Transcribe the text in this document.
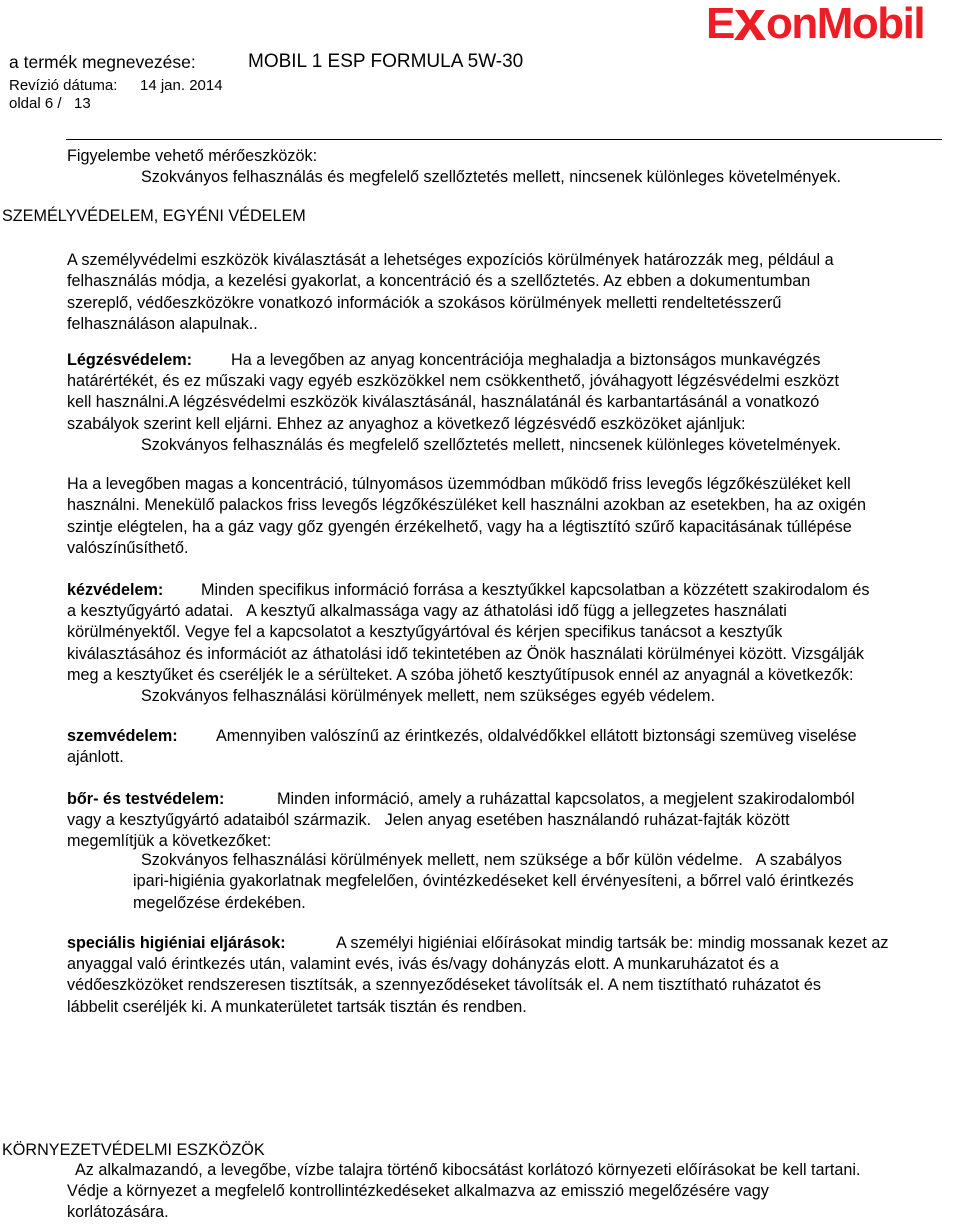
a termék megnevezése:	MOBIL 1 ESP FORMULA 5W-30
Revízió dátuma: 14 jan. 2014
oldal 6 /   13
E onMobil
Figyelembe vehető mérőeszközök:
Szokványos felhasználás és megfelelő szellőztetés mellett, nincsenek különleges követelmények.
SZEMÉLYVÉDELEM, EGYÉNI VÉDELEM
A személyvédelmi eszközök kiválasztását a lehetséges expozíciós körülmények határozzák meg, például a
felhasználás módja, a kezelési gyakorlat, a koncentráció és a szellőztetés. Az ebben a dokumentumban
szereplő, védőeszközökre vonatkozó információk a szokásos körülmények melletti rendeltetésszerű
felhasználáson alapulnak..
Légzésvédelem: Ha a levegőben az anyag koncentrációja meghaladja a biztonságos munkavégzés
határértékét, és ez műszaki vagy egyéb eszközökkel nem csökkenthető, jóváhagyott légzésvédelmi eszközt
kell használni.A légzésvédelmi eszközök kiválasztásánál, használatánál és karbantartásánál a vonatkozó
szabályok szerint kell eljárni. Ehhez az anyaghoz a következő légzésvédő eszközöket ajánljuk:
Szokványos felhasználás és megfelelő szellőztetés mellett, nincsenek különleges követelmények.
Ha a levegőben magas a koncentráció, túlnyomásos üzemmódban működő friss levegős légzőkészüléket kell
használni. Menekülő palackos friss levegős légzőkészüléket kell használni azokban az esetekben, ha az oxigén
szintje elégtelen, ha a gáz vagy gőz gyengén érzékelhető, vagy ha a légtisztító szűrő kapacitásának túllépése
valószínűsíthető.
kézvédelem: Minden specifikus információ forrása a kesztyűkkel kapcsolatban a közzétett szakirodalom és
a kesztyűgyártó adatai.   A kesztyű alkalmassága vagy az áthatolási idő függ a jellegzetes használati
körülményektől. Vegye fel a kapcsolatot a kesztyűgyártóval és kérjen specifikus tanácsot a kesztyűk
kiválasztásához és információt az áthatolási idő tekintetében az Önök használati körülményei között. Vizsgálják
meg a kesztyűket és cseréljék le a sérülteket. A szóba jöhető kesztyűtípusok ennél az anyagnál a következők:
Szokványos felhasználási körülmények mellett, nem szükséges egyéb védelem.
szemvédelem: Amennyiben valószínű az érintkezés, oldalvédőkkel ellátott biztonsági szemüveg viselése
ajánlott.
bőr- és testvédelem:	Minden információ, amely a ruházattal kapcsolatos, a megjelent szakirodalomból
vagy a kesztyűgyártó adataiból származik.   Jelen anyag esetében használandó ruházat-fajták között
megemlítjük a következőket:
Szokványos felhasználási körülmények mellett, nem szüksége a bőr külön védelme.   A szabályos
ipari-higiénia gyakorlatnak megfelelően, óvintézkedéseket kell érvényesíteni, a bőrrel való érintkezés
megelőzése érdekében.
speciális higiéniai eljárások:	A személyi higiéniai előírásokat mindig tartsák be: mindig mossanak kezet az
anyaggal való érintkezés után, valamint evés, ivás és/vagy dohányzás elott. A munkaruházatot és a
védőeszközöket rendszeresen tisztítsák, a szennyeződéseket távolítsák el. A nem tisztítható ruházatot és
lábbelit cseréljék ki. A munkaterületet tartsák tisztán és rendben.
KÖRNYEZETVÉDELMI ESZKÖZÖK
Az alkalmazandó, a levegőbe, vízbe talajra történő kibocsátást korlátozó környezeti előírásokat be kell tartani.
Védje a környezet a megfelelő kontrollintézkedéseket alkalmazva az emisszió megelőzésére vagy
korlátozására.
